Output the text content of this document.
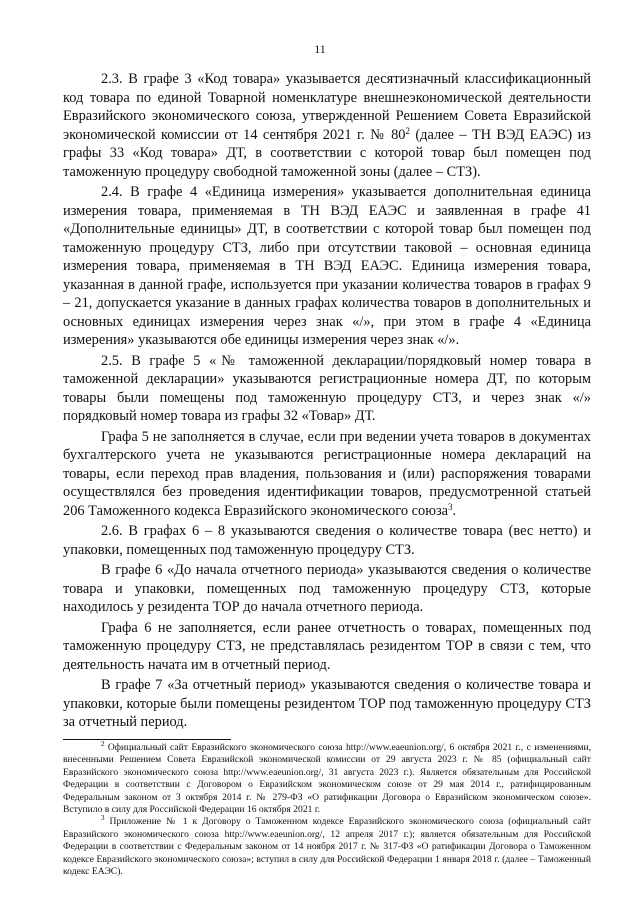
11

2.3. В графе 3 «Код товара» указывается десятизначный классификационный код товара по единой Товарной номенклатуре внешнеэкономической деятельности Евразийского экономического союза, утвержденной Решением Совета Евразийской экономической комиссии от 14 сентября 2021 г. № $80^2$ (далее – ТН ВЭД ЕАЭС) из графы 33 «Код товара» ДТ, в соответствии с которой товар был помещен под таможенную процедуру свободной таможенной зоны (далее – СТЗ).

2.4. В графе 4 «Единица измерения» указывается дополнительная единица измерения товара, применяемая в ТН ВЭД ЕАЭС и заявленная в графе 41 «Дополнительные единицы» ДТ, в соответствии с которой товар был помещен под таможенную процедуру СТЗ, либо при отсутствии таковой – основная единица измерения товара, применяемая в ТН ВЭД ЕАЭС. Единица измерения товара, указанная в данной графе, используется при указании количества товаров в графах 9 – 21, допускается указание в данных графах количества товаров в дополнительных и основных единицах измерения через знак «/», при этом в графе 4 «Единица измерения» указываются обе единицы измерения через знак «/».

2.5. В графе 5 «№ таможенной декларации/порядковый номер товара в таможенной декларации» указываются регистрационные номера ДТ, по которым товары были помещены под таможенную процедуру СТЗ, и через знак «/» порядковый номер товара из графы 32 «Товар» ДТ.

Графа 5 не заполняется в случае, если при ведении учета товаров в документах бухгалтерского учета не указываются регистрационные номера деклараций на товары, если переход прав владения, пользования и (или) распоряжения товарами осуществлялся без проведения идентификации товаров, предусмотренной статьей 206 Таможенного кодекса Евразийского экономического союза$^3$.

2.6. В графах 6 – 8 указываются сведения о количестве товара (вес нетто) и упаковки, помещенных под таможенную процедуру СТЗ.

В графе 6 «До начала отчетного периода» указываются сведения о количестве товара и упаковки, помещенных под таможенную процедуру СТЗ, которые находилось у резидента ТОР до начала отчетного периода.

Графа 6 не заполняется, если ранее отчетность о товарах, помещенных под таможенную процедуру СТЗ, не представлялась резидентом ТОР в связи с тем, что деятельность начата им в отчетный период.

В графе 7 «За отчетный период» указываются сведения о количестве товара и упаковки, которые были помещены резидентом ТОР под таможенную процедуру СТЗ за отчетный период.

$^2$ Официальный сайт Евразийского экономического союза http://www.eaeunion.org/, 6 октября 2021 г., с изменениями, внесенными Решением Совета Евразийской экономической комиссии от 29 августа 2023 г. № 85 (официальный сайт Евразийского экономического союза http://www.eaeunion.org/, 31 августа 2023 г.). Является обязательным для Российской Федерации в соответствии с Договором о Евразийском экономическом союзе от 29 мая 2014 г., ратифицированным Федеральным законом от 3 октября 2014 г. № 279-ФЗ «О ратификации Договора о Евразийском экономическом союзе». Вступило в силу для Российской Федерации 16 октября 2021 г.

$^3$ Приложение № 1 к Договору о Таможенном кодексе Евразийского экономического союза (официальный сайт Евразийского экономического союза http://www.eaeunion.org/, 12 апреля 2017 г.); является обязательным для Российской Федерации в соответствии с Федеральным законом от 14 ноября 2017 г. № 317-ФЗ «О ратификации Договора о Таможенном кодексе Евразийского экономического союза»; вступил в силу для Российской Федерации 1 января 2018 г. (далее – Таможенный кодекс ЕАЭС).
